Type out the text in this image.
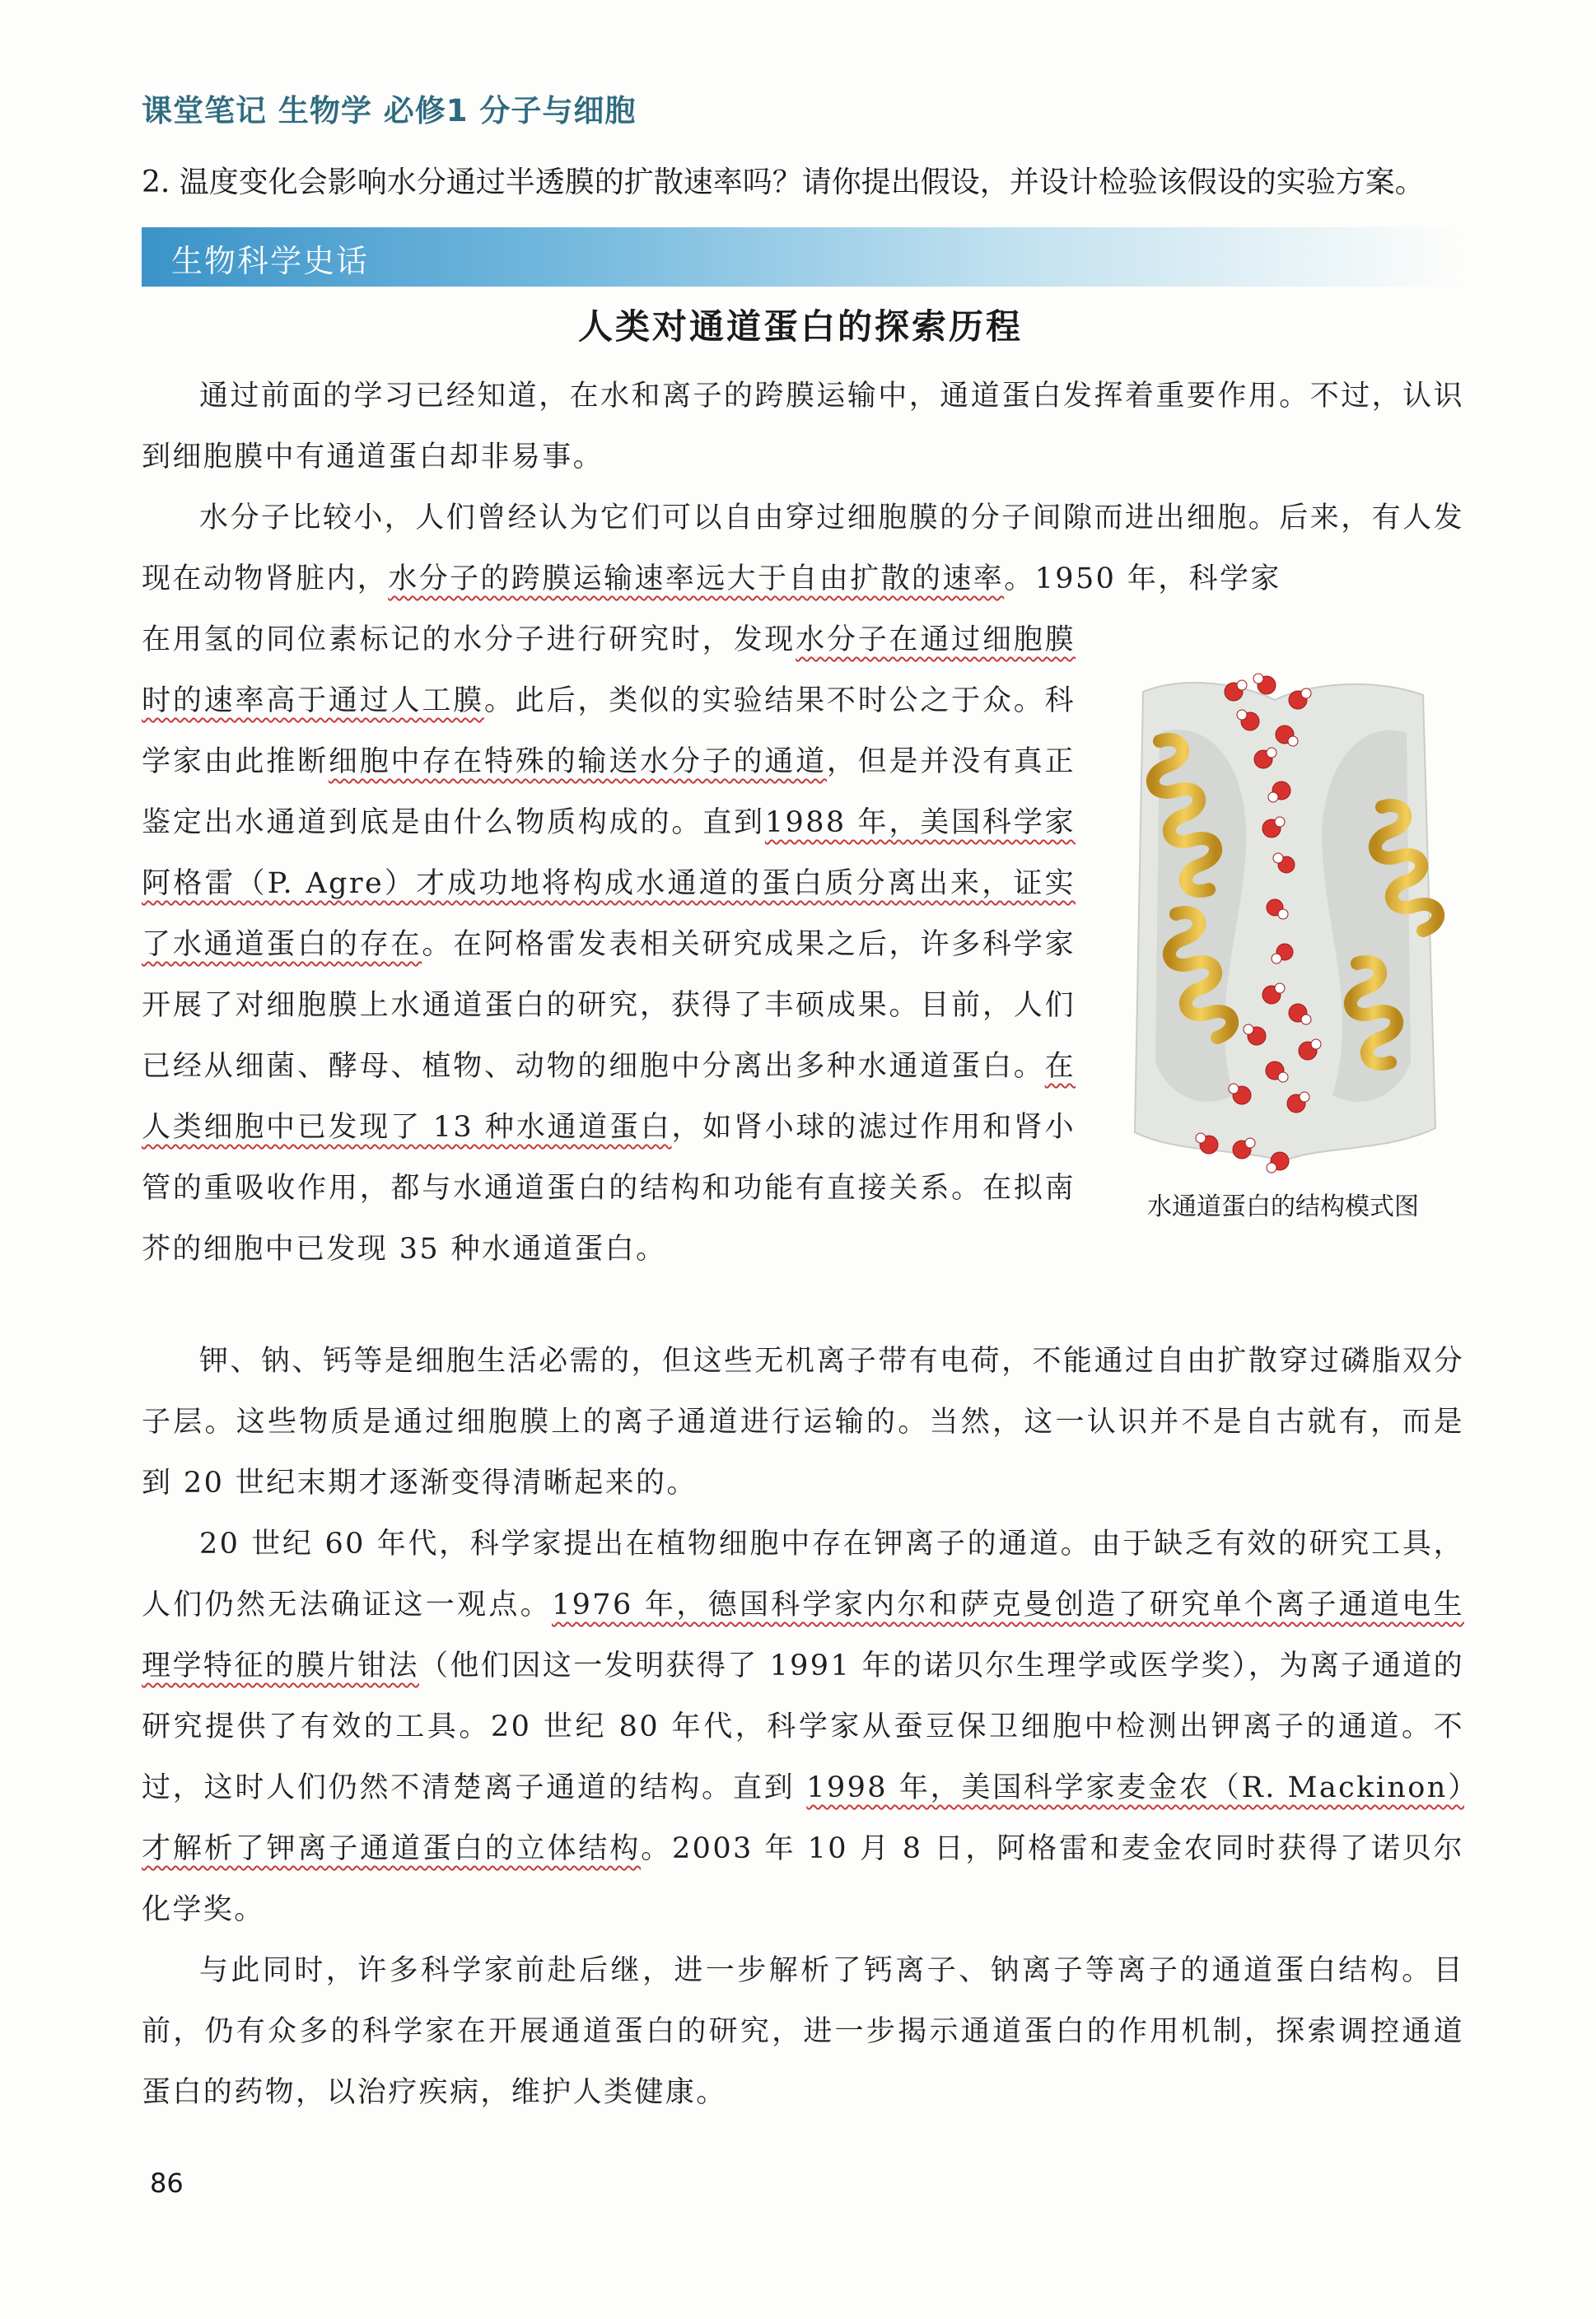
课堂笔记 生物学 必修1 分子与细胞
2. 温度变化会影响水分通过半透膜的扩散速率吗？请你提出假设，并设计检验该假设的实验方案。
生物科学史话
人类对通道蛋白的探索历程

通过前面的学习已经知道，在水和离子的跨膜运输中，通道蛋白发挥着重要作用。不过，认识到细胞膜中有通道蛋白却非易事。

水分子比较小，人们曾经认为它们可以自由穿过细胞膜的分子间隙而进出细胞。后来，有人发现在动物肾脏内，水分子的跨膜运输速率远大于自由扩散的速率。1950 年，科学家

在用氢的同位素标记的水分子进行研究时，发现水分子在通过细胞膜时的速率高于通过人工膜。此后，类似的实验结果不时公之于众。科学家由此推断细胞中存在特殊的输送水分子的通道，但是并没有真正鉴定出水通道到底是由什么物质构成的。直到1988 年，美国科学家阿格雷（P. Agre）才成功地将构成水通道的蛋白质分离出来，证实了水通道蛋白的存在。在阿格雷发表相关研究成果之后，许多科学家开展了对细胞膜上水通道蛋白的研究，获得了丰硕成果。目前，人们已经从细菌、酵母、植物、动物的细胞中分离出多种水通道蛋白。在人类细胞中已发现了 13 种水通道蛋白，如肾小球的滤过作用和肾小管的重吸收作用，都与水通道蛋白的结构和功能有直接关系。在拟南芥的细胞中已发现 35 种水通道蛋白。

水通道蛋白的结构模式图

钾、钠、钙等是细胞生活必需的，但这些无机离子带有电荷，不能通过自由扩散穿过磷脂双分子层。这些物质是通过细胞膜上的离子通道进行运输的。当然，这一认识并不是自古就有，而是到 20 世纪末期才逐渐变得清晰起来的。

20 世纪 60 年代，科学家提出在植物细胞中存在钾离子的通道。由于缺乏有效的研究工具，人们仍然无法确证这一观点。1976 年，德国科学家内尔和萨克曼创造了研究单个离子通道电生理学特征的膜片钳法（他们因这一发明获得了 1991 年的诺贝尔生理学或医学奖），为离子通道的研究提供了有效的工具。20 世纪 80 年代，科学家从蚕豆保卫细胞中检测出钾离子的通道。不过，这时人们仍然不清楚离子通道的结构。直到 1998 年，美国科学家麦金农（R. Mackinon）才解析了钾离子通道蛋白的立体结构。2003 年 10 月 8 日，阿格雷和麦金农同时获得了诺贝尔化学奖。

与此同时，许多科学家前赴后继，进一步解析了钙离子、钠离子等离子的通道蛋白结构。目前，仍有众多的科学家在开展通道蛋白的研究，进一步揭示通道蛋白的作用机制，探索调控通道蛋白的药物，以治疗疾病，维护人类健康。

86
